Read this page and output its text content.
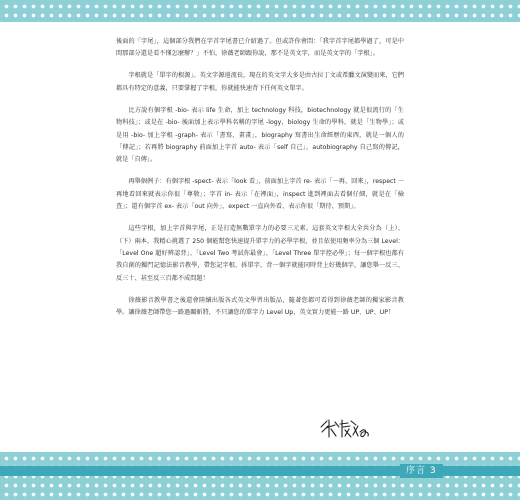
後面的「字尾」，這個部分我們在字首字尾書已介紹過了。但或許你會問：「我字首字尾都學過了，可是中間那部分還是看不懂怎麼辦？」不怕，徐薇老師跟你說，那不是英文字，而是英文字的「字根」。

字根就是「單字的根源」。英文字源遠流長，現在的英文字大多是由古拉丁文或希臘文演變而來，它們都具有特定的意義，只要掌握了字根，你就能快速背下任何英文單字。

比方說有個字根 -bio- 表示 life 生命，加上 technology 科技，biotechnology 就是很流行的「生物科技」；或是在 -bio- 後面加上表示學科名稱的字尾 -logy，biology 生命的學科，就是「生物學」；或是用 -bio- 加上字根 -graph- 表示「書寫、畫畫」，biography 寫書出生命經歷的東西，就是一個人的「傳記」；若再將 biography 前面加上字首 auto- 表示「self 自己」，autobiography 自己寫的傳記，就是「自傳」。

再舉個例子：有個字根 -spect- 表示「look 看」，前面加上字首 re- 表示「一再、回來」，respect 一再地看回來就表示你很「尊敬」；字首 in- 表示「在裡面」，inspect 進到裡面去看個仔細，就是在「檢查」；還有個字首 ex- 表示「out 向外」，expect 一直向外看，表示你很「期待、預期」。

這些字根，加上字首與字尾，正是打造無數單字力的必要三元素。這套英文字根大全共分為（上）、（下）兩本，我精心挑選了 250 個能幫您快速提升單字力的必學字根，並且依使用頻率分為三個 Level：「Level One 超好辨認背」、「Level Two 考試你最會」、「Level Three 單字控必學」；每一個字根也都有我自創的獨門記憶法影音教學，帶您記字根、拆單字，背一個字就能同時背上好幾個字，讓您舉一反三、反三十、甚至反三百都不成問題！

徐薇影音教學書之後還會陸續出版各式英文學習出版品，隨著您都可看得到徐薇老師的獨家影音教學。讓徐薇老師帶您一路過關斬將，不只讓您的單字力 Level Up，英文實力更能一路 UP、UP、UP！

序言 3
